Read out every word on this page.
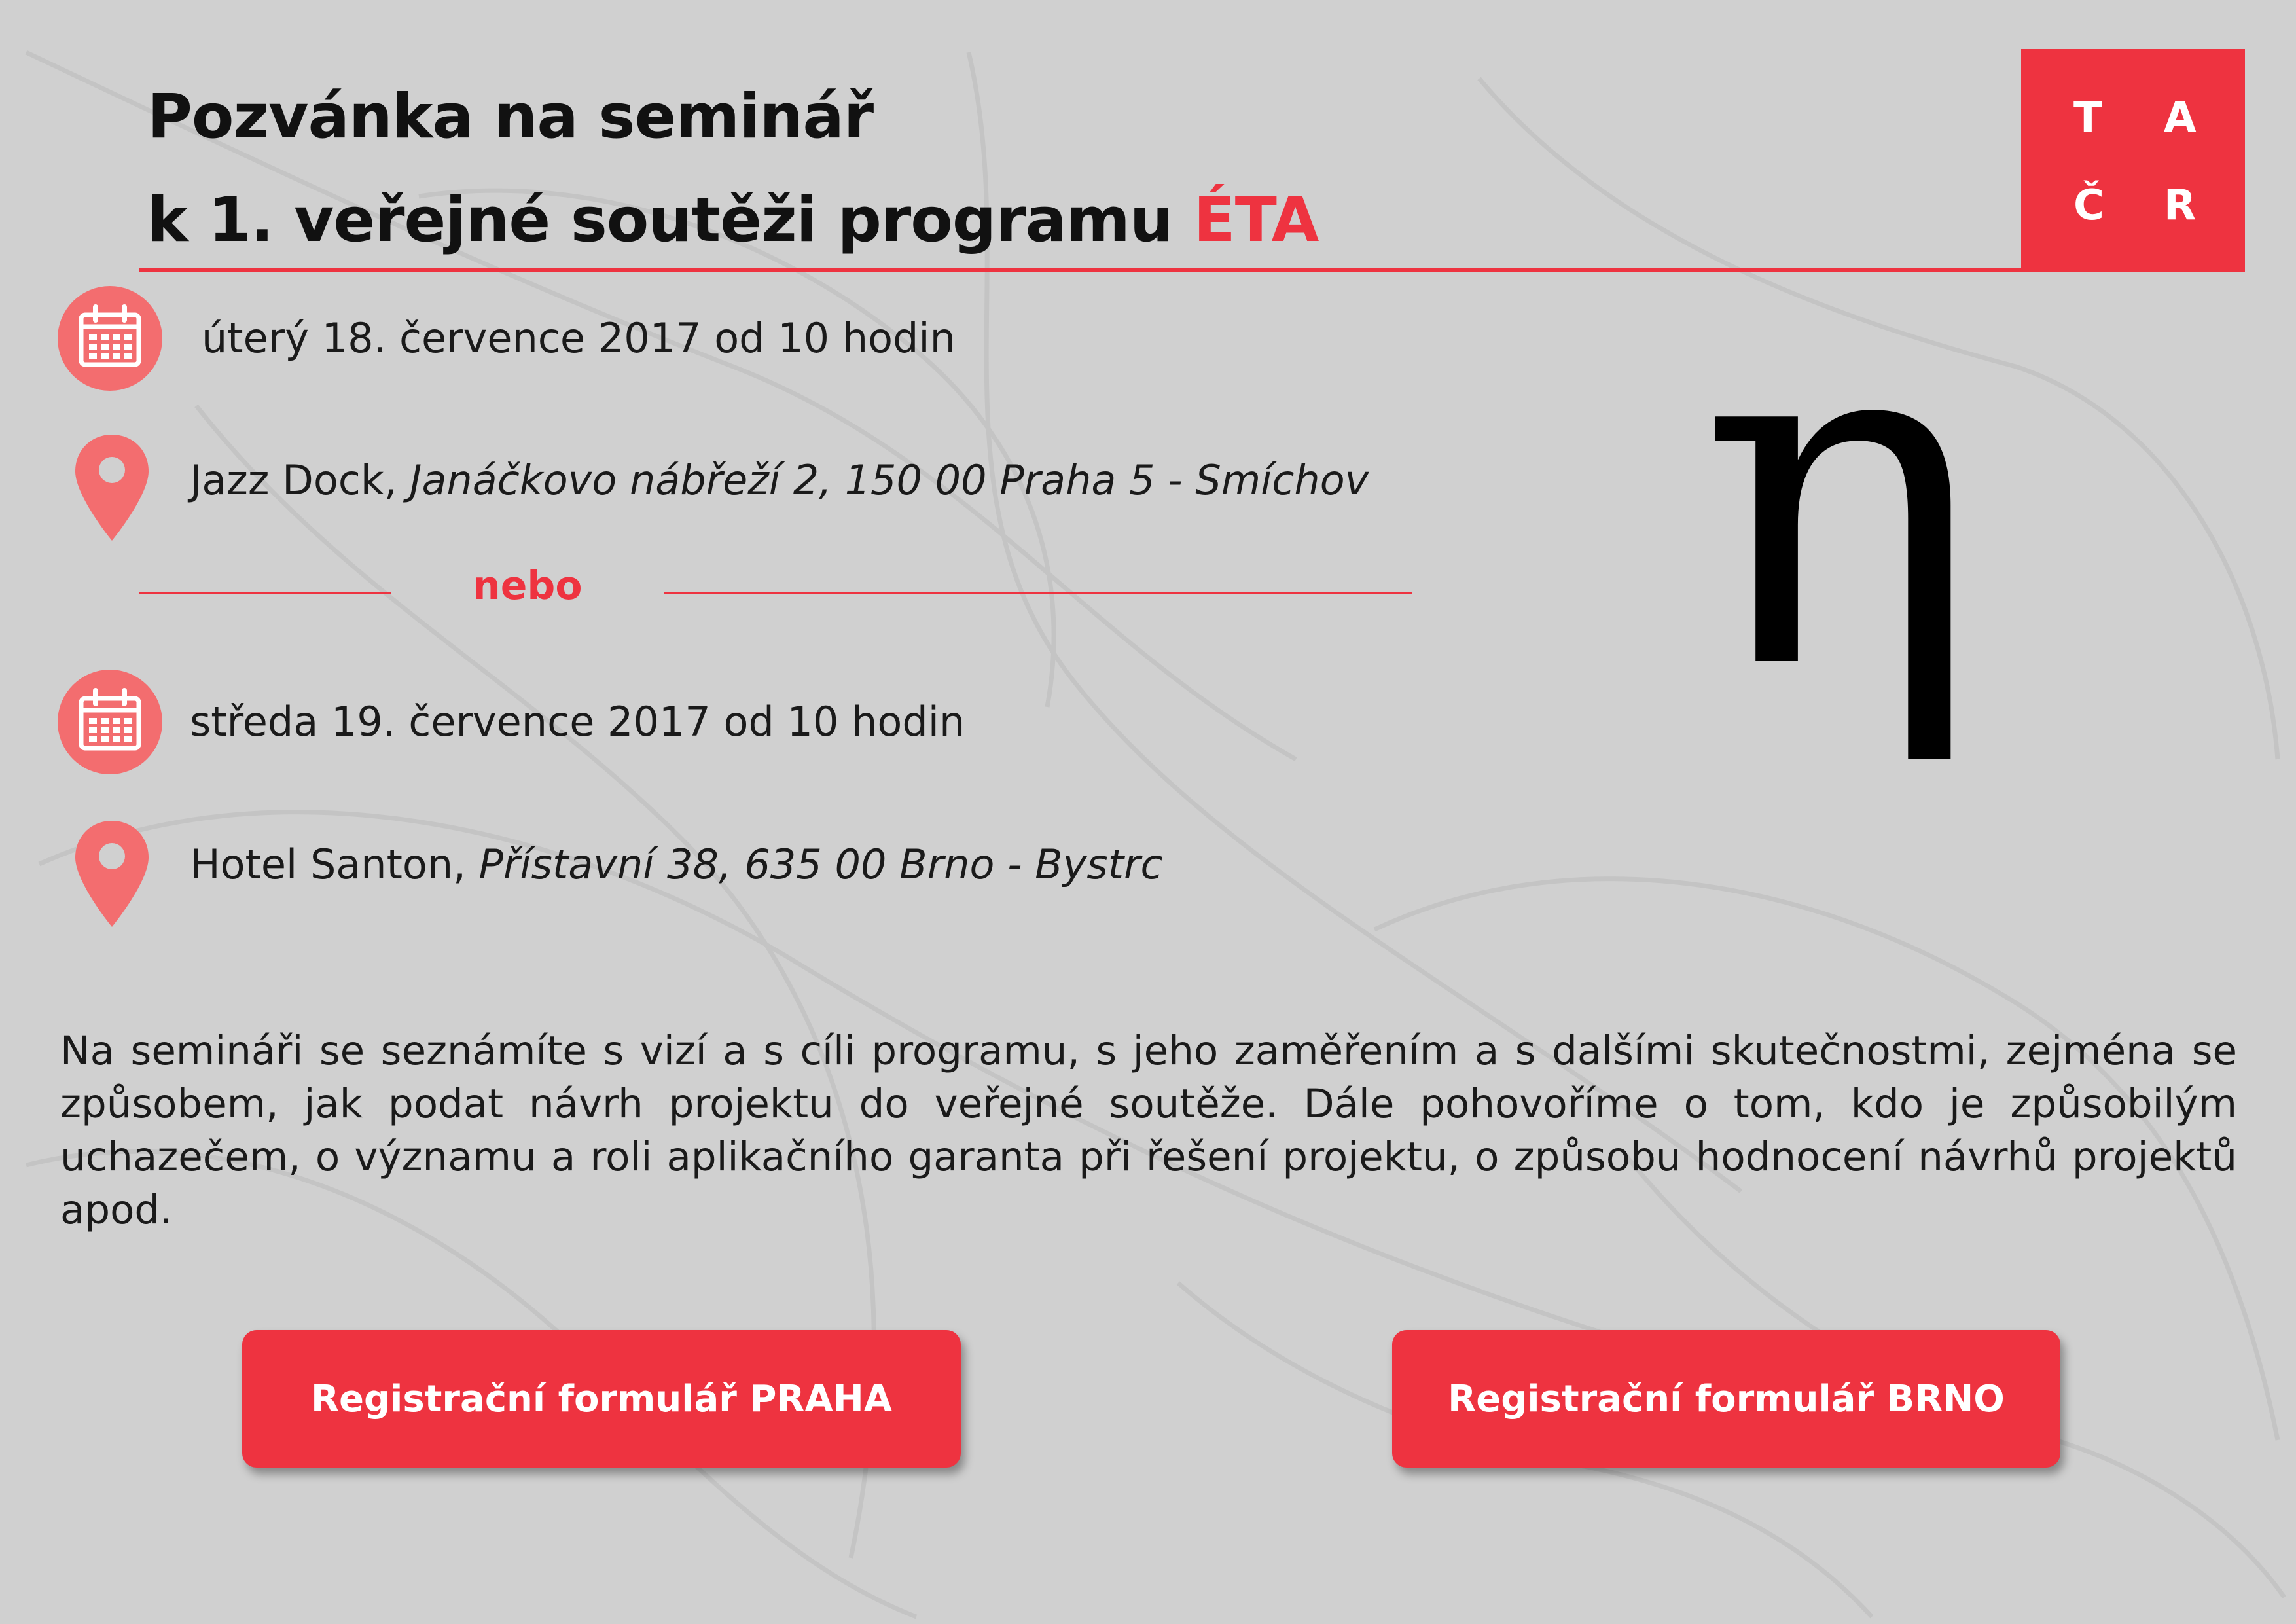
Pozvánka na seminář
k 1. veřejné soutěži programu ÉTA
T A
Č R

úterý 18. července 2017 od 10 hodin

Jazz Dock, Janáčkovo nábřeží 2, 150 00 Praha 5 - Smíchov

nebo

středa 19. července 2017 od 10 hodin

Hotel Santon, Přístavní 38, 635 00 Brno - Bystrc

η

Na semináři se seznámíte s vizí a s cíli programu, s jeho zaměřením a s dalšími skutečnostmi, zejména se způsobem, jak podat návrh projektu do veřejné soutěže. Dále pohovoříme o tom, kdo je způsobilým uchazečem, o významu a roli aplikačního garanta při řešení projektu, o způsobu hodnocení návrhů projektů apod.

Registrační formulář PRAHA	Registrační formulář BRNO
